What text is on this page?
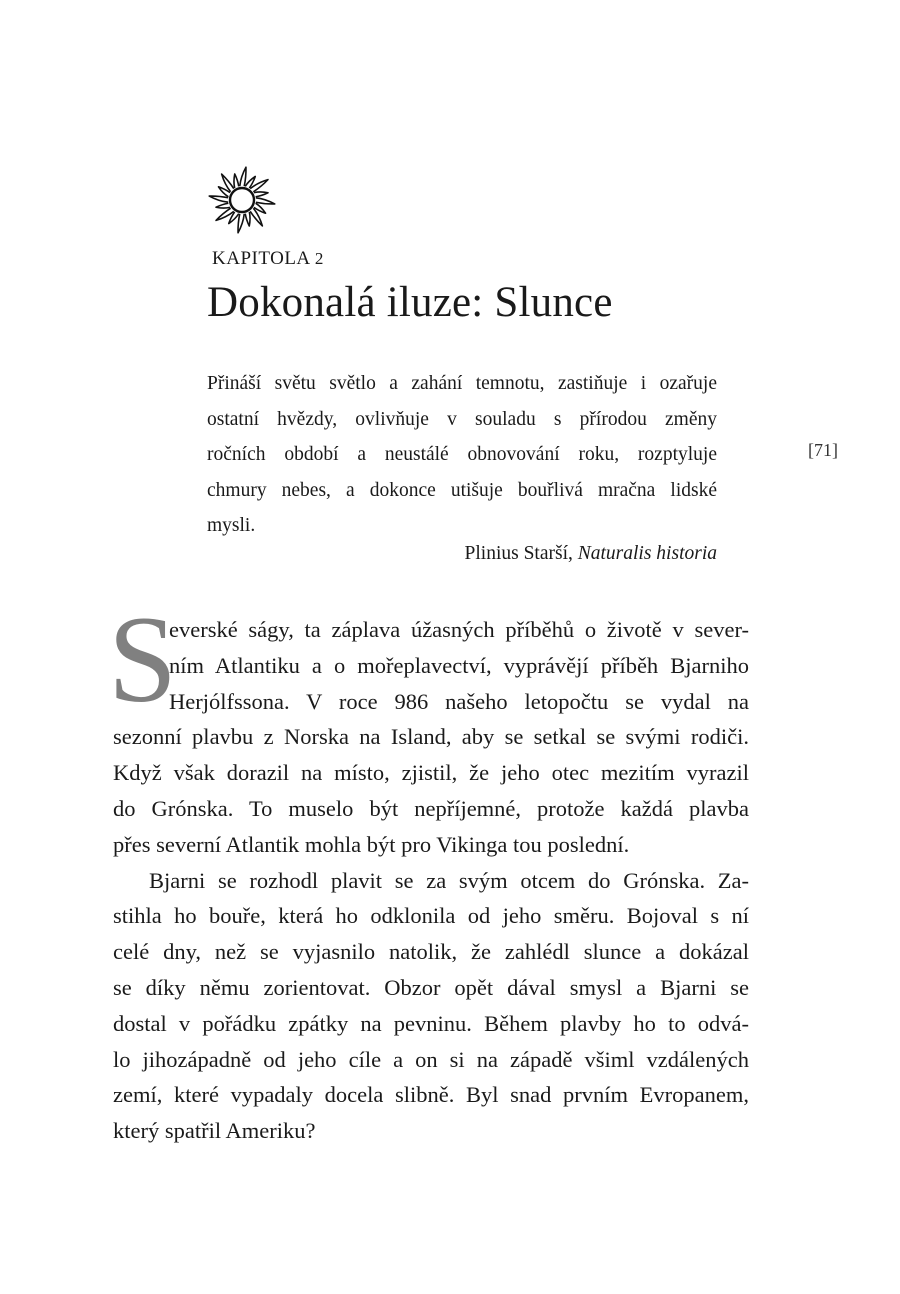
KAPITOLA 2
Dokonalá iluze: Slunce
Přináší světu světlo a zahání temnotu, zastiňuje i ozařuje
ostatní hvězdy, ovlivňuje v souladu s přírodou změny
ročních období a neustálé obnovování roku, rozptyluje
chmury nebes, a dokonce utišuje bouřlivá mračna lidské
mysli.
Plinius Starší, Naturalis historia
[71]
S
everské ságy, ta záplava úžasných příběhů o životě v sever-
ním Atlantiku a o mořeplavectví, vyprávějí příběh Bjarniho
Herjólfssona. V roce 986 našeho letopočtu se vydal na
sezonní plavbu z Norska na Island, aby se setkal se svými rodiči.
Když však dorazil na místo, zjistil, že jeho otec mezitím vyrazil
do Grónska. To muselo být nepříjemné, protože každá plavba
přes severní Atlantik mohla být pro Vikinga tou poslední.
Bjarni se rozhodl plavit se za svým otcem do Grónska. Za-
stihla ho bouře, která ho odklonila od jeho směru. Bojoval s ní
celé dny, než se vyjasnilo natolik, že zahlédl slunce a dokázal
se díky němu zorientovat. Obzor opět dával smysl a Bjarni se
dostal v pořádku zpátky na pevninu. Během plavby ho to odvá-
lo jihozápadně od jeho cíle a on si na západě všiml vzdálených
zemí, které vypadaly docela slibně. Byl snad prvním Evropanem,
který spatřil Ameriku?
